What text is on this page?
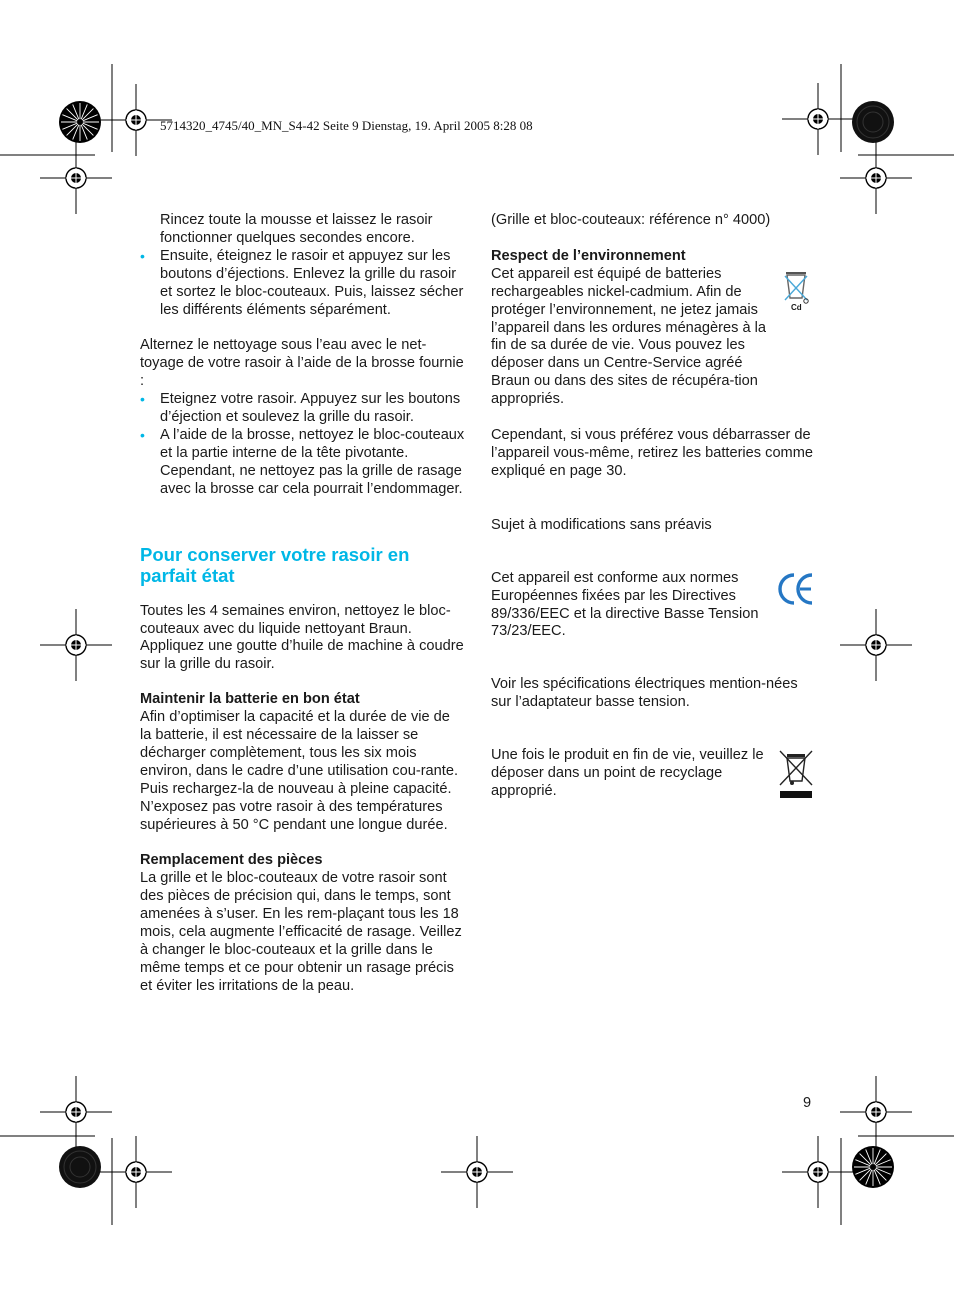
5714320_4745/40_MN_S4-42 Seite 9 Dienstag, 19. April 2005 8:28 08

Rincez toute la mousse et laissez le rasoir fonctionner quelques secondes encore.

• Ensuite, éteignez le rasoir et appuyez sur les boutons d’éjections. Enlevez la grille du rasoir et sortez le bloc-couteaux. Puis, laissez sécher les différents éléments séparément.

Alternez le nettoyage sous l’eau avec le net-toyage de votre rasoir à l’aide de la brosse fournie :

• Eteignez votre rasoir. Appuyez sur les boutons d’éjection et soulevez la grille du rasoir.

• A l’aide de la brosse, nettoyez le bloc-couteaux et la partie interne de la tête pivotante. Cependant, ne nettoyez pas la grille de rasage avec la brosse car cela pourrait l’endommager.

Pour conserver votre rasoir en parfait état

Toutes les 4 semaines environ, nettoyez le bloc-couteaux avec du liquide nettoyant Braun. Appliquez une goutte d’huile de machine à coudre sur la grille du rasoir.

Maintenir la batterie en bon état

Afin d’optimiser la capacité et la durée de vie de la batterie, il est nécessaire de la laisser se décharger complètement, tous les six mois environ, dans le cadre d’une utilisation cou-rante. Puis rechargez-la de nouveau à pleine capacité. N’exposez pas votre rasoir à des températures supérieures à 50 °C pendant une longue durée.

Remplacement des pièces

La grille et le bloc-couteaux de votre rasoir sont des pièces de précision qui, dans le temps, sont amenées à s’user. En les rem-plaçant tous les 18 mois, cela augmente l’efficacité de rasage. Veillez à changer le bloc-couteaux et la grille dans le même temps et ce pour obtenir un rasage précis et éviter les irritations de la peau.

(Grille et bloc-couteaux: référence n° 4000)

Respect de l’environnement

Cet appareil est équipé de batteries rechargeables nickel-cadmium. Afin de protéger l’environnement, ne jetez jamais l’appareil dans les ordures ménagères à la fin de sa durée de vie. Vous pouvez les déposer dans un Centre-Service agréé Braun ou dans des sites de récupéra-tion appropriés.

Cependant, si vous préférez vous débarrasser de l’appareil vous-même, retirez les batteries comme expliqué en page 30.

Sujet à modifications sans préavis

Cet appareil est conforme aux normes Européennes fixées par les Directives 89/336/EEC et la directive Basse Tension 73/23/EEC.

Voir les spécifications électriques mention-nées sur l’adaptateur basse tension.

Une fois le produit en fin de vie, veuillez le déposer dans un point de recyclage approprié.

Cd
9
